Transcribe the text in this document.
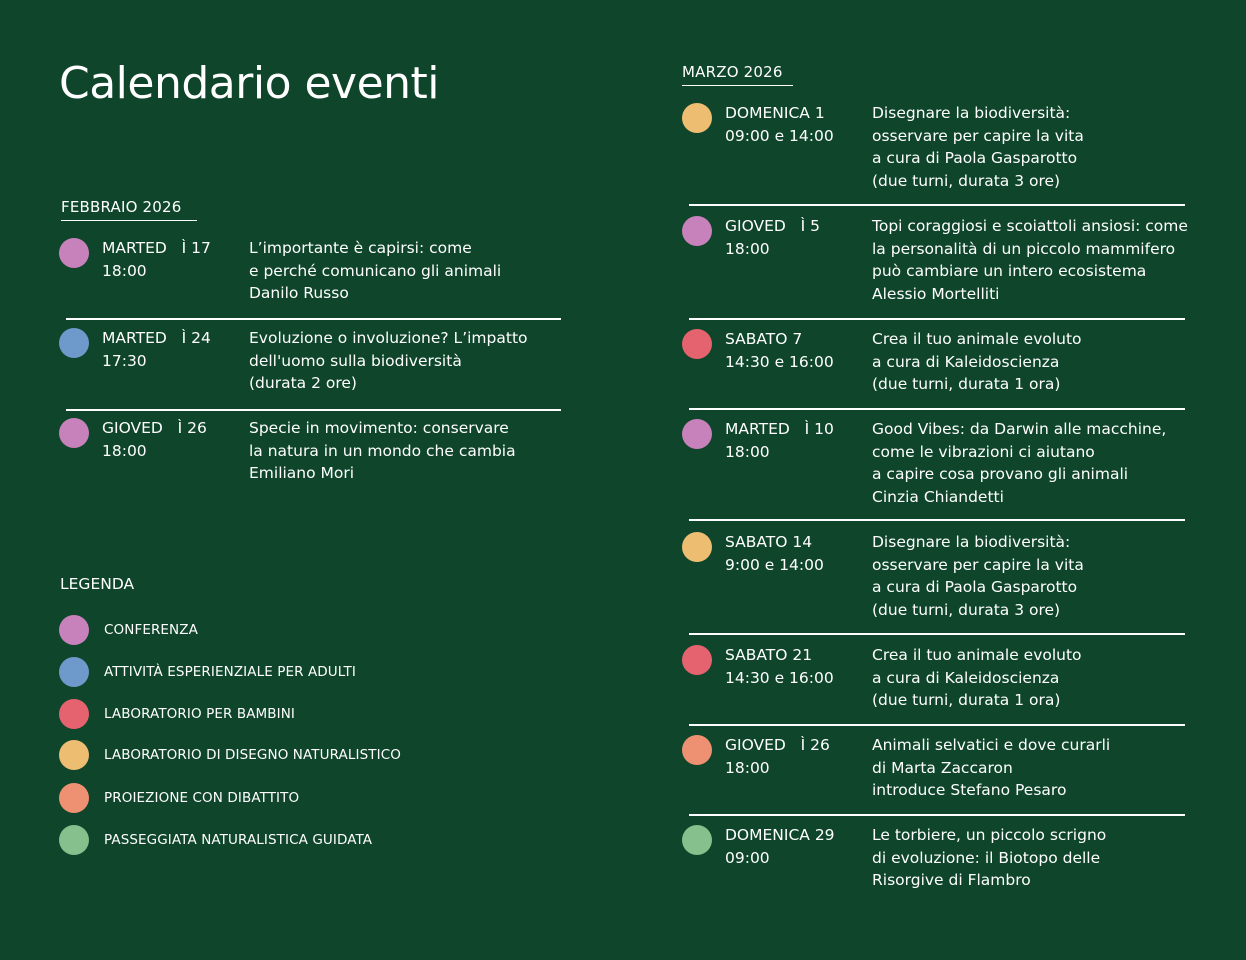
Calendario eventi
FEBBRAIO 2026
MARZO 2026
MARTED   Ì 17
18:00
L’importante è capirsi: come
e perché comunicano gli animali
Danilo Russo
MARTED   Ì 24
17:30
Evoluzione o involuzione? L’impatto
dell'uomo sulla biodiversità
(durata 2 ore)
GIOVED   Ì 26
18:00
Specie in movimento: conservare
la natura in un mondo che cambia
Emiliano Mori
DOMENICA 1
09:00 e 14:00
Disegnare la biodiversità:
osservare per capire la vita
a cura di Paola Gasparotto
(due turni, durata 3 ore)
GIOVED   Ì 5
18:00
Topi coraggiosi e scoiattoli ansiosi: come
la personalità di un piccolo mammifero
può cambiare un intero ecosistema
Alessio Mortelliti
SABATO 7
14:30 e 16:00
Crea il tuo animale evoluto
a cura di Kaleidoscienza
(due turni, durata 1 ora)
MARTED   Ì 10
18:00
Good Vibes: da Darwin alle macchine,
come le vibrazioni ci aiutano
a capire cosa provano gli animali
Cinzia Chiandetti
SABATO 14
9:00 e 14:00
Disegnare la biodiversità:
osservare per capire la vita
a cura di Paola Gasparotto
(due turni, durata 3 ore)
SABATO 21
14:30 e 16:00
Crea il tuo animale evoluto
a cura di Kaleidoscienza
(due turni, durata 1 ora)
GIOVED   Ì 26
18:00
Animali selvatici e dove curarli
di Marta Zaccaron
introduce Stefano Pesaro
DOMENICA 29
09:00
Le torbiere, un piccolo scrigno
di evoluzione: il Biotopo delle
Risorgive di Flambro
LEGENDA
CONFERENZA
ATTIVITÀ ESPERIENZIALE PER ADULTI
LABORATORIO PER BAMBINI
LABORATORIO DI DISEGNO NATURALISTICO
PROIEZIONE CON DIBATTITO
PASSEGGIATA NATURALISTICA GUIDATA
